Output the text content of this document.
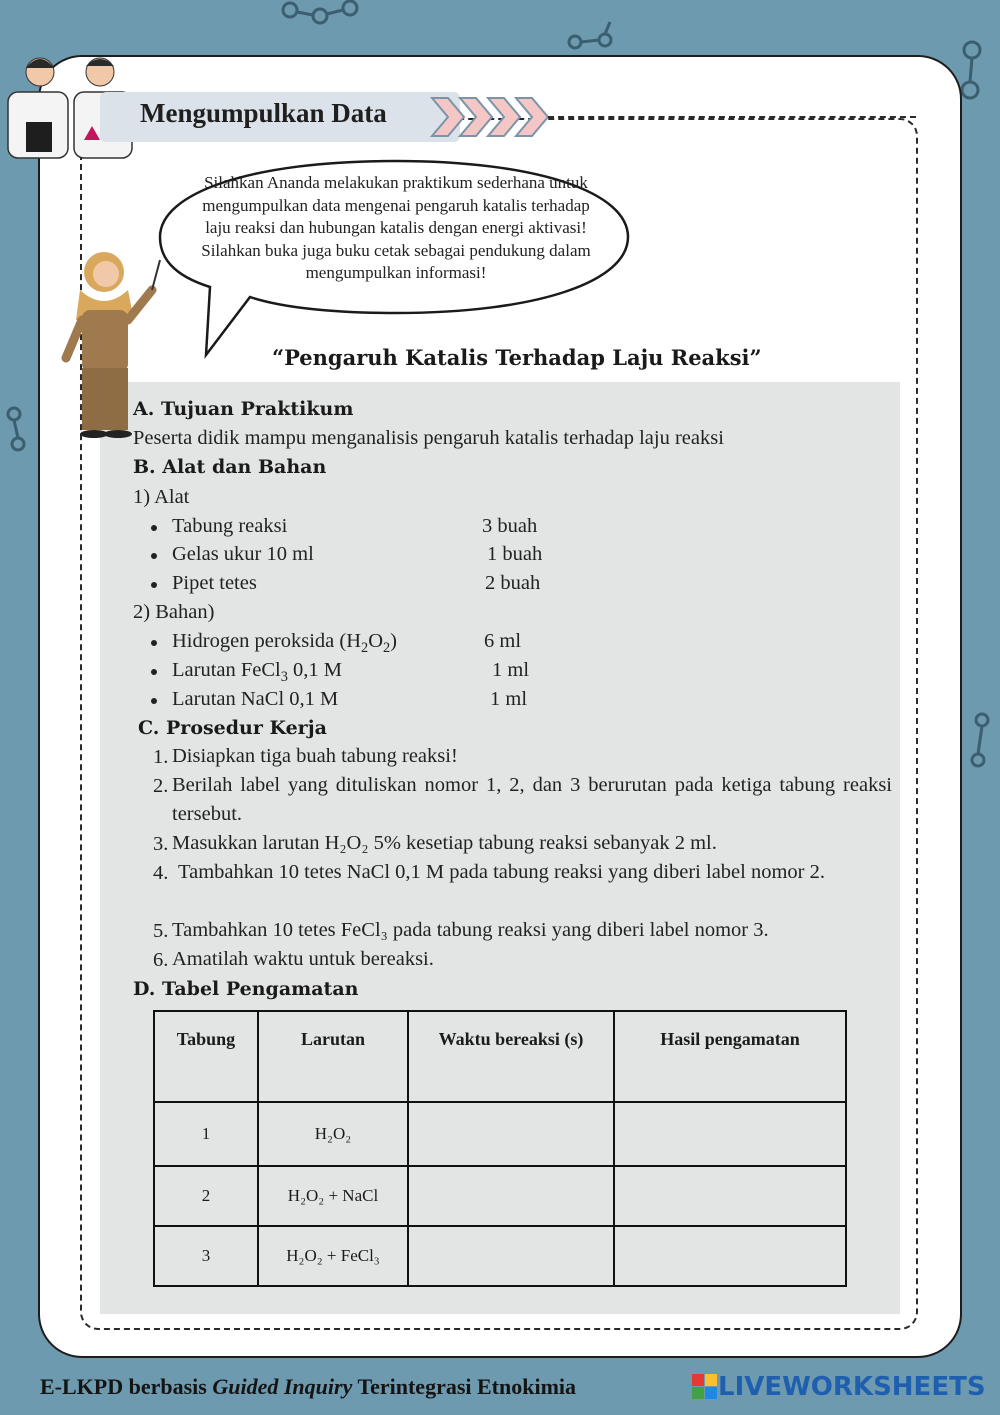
Mengumpulkan Data
Silahkan Ananda melakukan praktikum sederhana untuk mengumpulkan data mengenai pengaruh katalis terhadap laju reaksi dan hubungan katalis dengan energi aktivasi! Silahkan buka juga buku cetak sebagai pendukung dalam mengumpulkan informasi!
“Pengaruh Katalis Terhadap Laju Reaksi”
A. Tujuan Praktikum
Peserta didik mampu menganalisis pengaruh katalis terhadap laju reaksi
B. Alat dan Bahan
1) Alat
Tabung reaksi	3 buah
Gelas ukur 10 ml	1 buah
Pipet tetes	2 buah
2) Bahan)
Hidrogen peroksida $(H_2O_2)$	6 ml
Larutan FeCl$_3$ 0,1 M	1 ml
Larutan NaCl 0,1 M	1 ml
C. Prosedur Kerja
1. Disiapkan tiga buah tabung reaksi!
2. Berilah label yang dituliskan nomor 1, 2, dan 3 berurutan pada ketiga tabung reaksi tersebut.
3. Masukkan larutan H₂O₂ 5% kesetiap tabung reaksi sebanyak 2 ml.
4. Tambahkan 10 tetes NaCl 0,1 M pada tabung reaksi yang diberi label nomor 2.
5. Tambahkan 10 tetes FeCl₃ pada tabung reaksi yang diberi label nomor 3.
6. Amatilah waktu untuk bereaksi.
D. Tabel Pengamatan
Tabung	Larutan	Waktu bereaksi (s)	Hasil pengamatan
1	H₂O₂		
2	H₂O₂ + NaCl		
3	H₂O₂ + FeCl₃		
E-LKPD berbasis Guided Inquiry Terintegrasi Etnokimia	LIVEWORKSHEETS
